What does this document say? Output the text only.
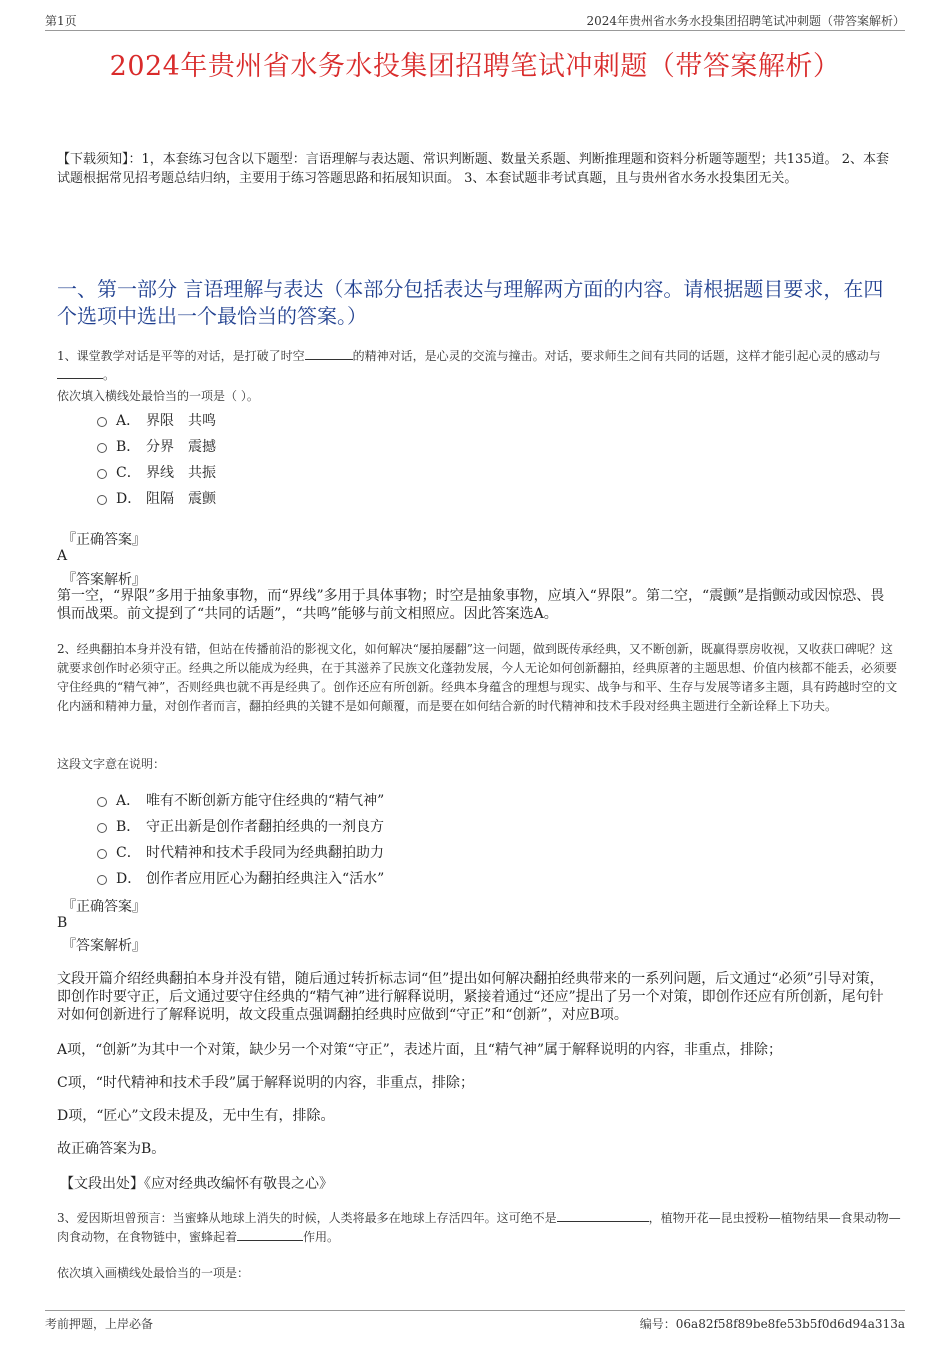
第1页	2024年贵州省水务水投集团招聘笔试冲刺题（带答案解析）
2024年贵州省水务水投集团招聘笔试冲刺题（带答案解析）
【下载须知】：1，本套练习包含以下题型：言语理解与表达题、常识判断题、数量关系题、判断推理题和资料分析题等题型；共135道。 2、本套试题根据常见招考题总结归纳，主要用于练习答题思路和拓展知识面。 3、本套试题非考试真题，且与贵州省水务水投集团无关。
一、第一部分 言语理解与表达（本部分包括表达与理解两方面的内容。请根据题目要求，在四个选项中选出一个最恰当的答案。）
1、课堂教学对话是平等的对话，是打破了时空	的精神对话，是心灵的交流与撞击。对话，要求师生之间有共同的话题，这样才能引起心灵的感动与。
依次填入横线处最恰当的一项是（ ）。
A． 界限　共鸣
B． 分界　震撼
C． 界线　共振
D． 阻隔　震颤
『正确答案』
A
『答案解析』
第一空，“界限”多用于抽象事物，而“界线”多用于具体事物；时空是抽象事物，应填入“界限”。第二空，“震颤”是指颤动或因惊恐、畏惧而战栗。前文提到了“共同的话题”，“共鸣”能够与前文相照应。因此答案选A。
2、经典翻拍本身并没有错，但站在传播前沿的影视文化，如何解决“屡拍屡翻”这一问题，做到既传承经典，又不断创新，既赢得票房收视，又收获口碑呢？这就要求创作时必须守正。经典之所以能成为经典，在于其滋养了民族文化蓬勃发展，今人无论如何创新翻拍，经典原著的主题思想、价值内核都不能丢，必须要守住经典的“精气神”，否则经典也就不再是经典了。创作还应有所创新。经典本身蕴含的理想与现实、战争与和平、生存与发展等诸多主题，具有跨越时空的文化内涵和精神力量，对创作者而言，翻拍经典的关键不是如何颠覆，而是要在如何结合新的时代精神和技术手段对经典主题进行全新诠释上下功夫。
这段文字意在说明：
A． 唯有不断创新方能守住经典的“精气神”
B． 守正出新是创作者翻拍经典的一剂良方
C． 时代精神和技术手段同为经典翻拍助力
D． 创作者应用匠心为翻拍经典注入“活水”
『正确答案』
B
『答案解析』
文段开篇介绍经典翻拍本身并没有错，随后通过转折标志词“但”提出如何解决翻拍经典带来的一系列问题，后文通过“必须”引导对策，即创作时要守正，后文通过要守住经典的“精气神”进行解释说明，紧接着通过“还应”提出了另一个对策，即创作还应有所创新，尾句针对如何创新进行了解释说明，故文段重点强调翻拍经典时应做到“守正”和“创新”，对应B项。
A项，“创新”为其中一个对策，缺少另一个对策“守正”，表述片面，且“精气神”属于解释说明的内容，非重点，排除；
C项，“时代精神和技术手段”属于解释说明的内容，非重点，排除；
D项，“匠心”文段未提及，无中生有，排除。
故正确答案为B。
【文段出处】《应对经典改编怀有敬畏之心》
3、爱因斯坦曾预言：当蜜蜂从地球上消失的时候，人类将最多在地球上存活四年。这可绝不是	，植物开花—昆虫授粉—植物结果—食果动物—肉食动物，在食物链中，蜜蜂起着	作用。
依次填入画横线处最恰当的一项是：
考前押题，上岸必备	编号：06a82f58f89be8fe53b5f0d6d94a313a
